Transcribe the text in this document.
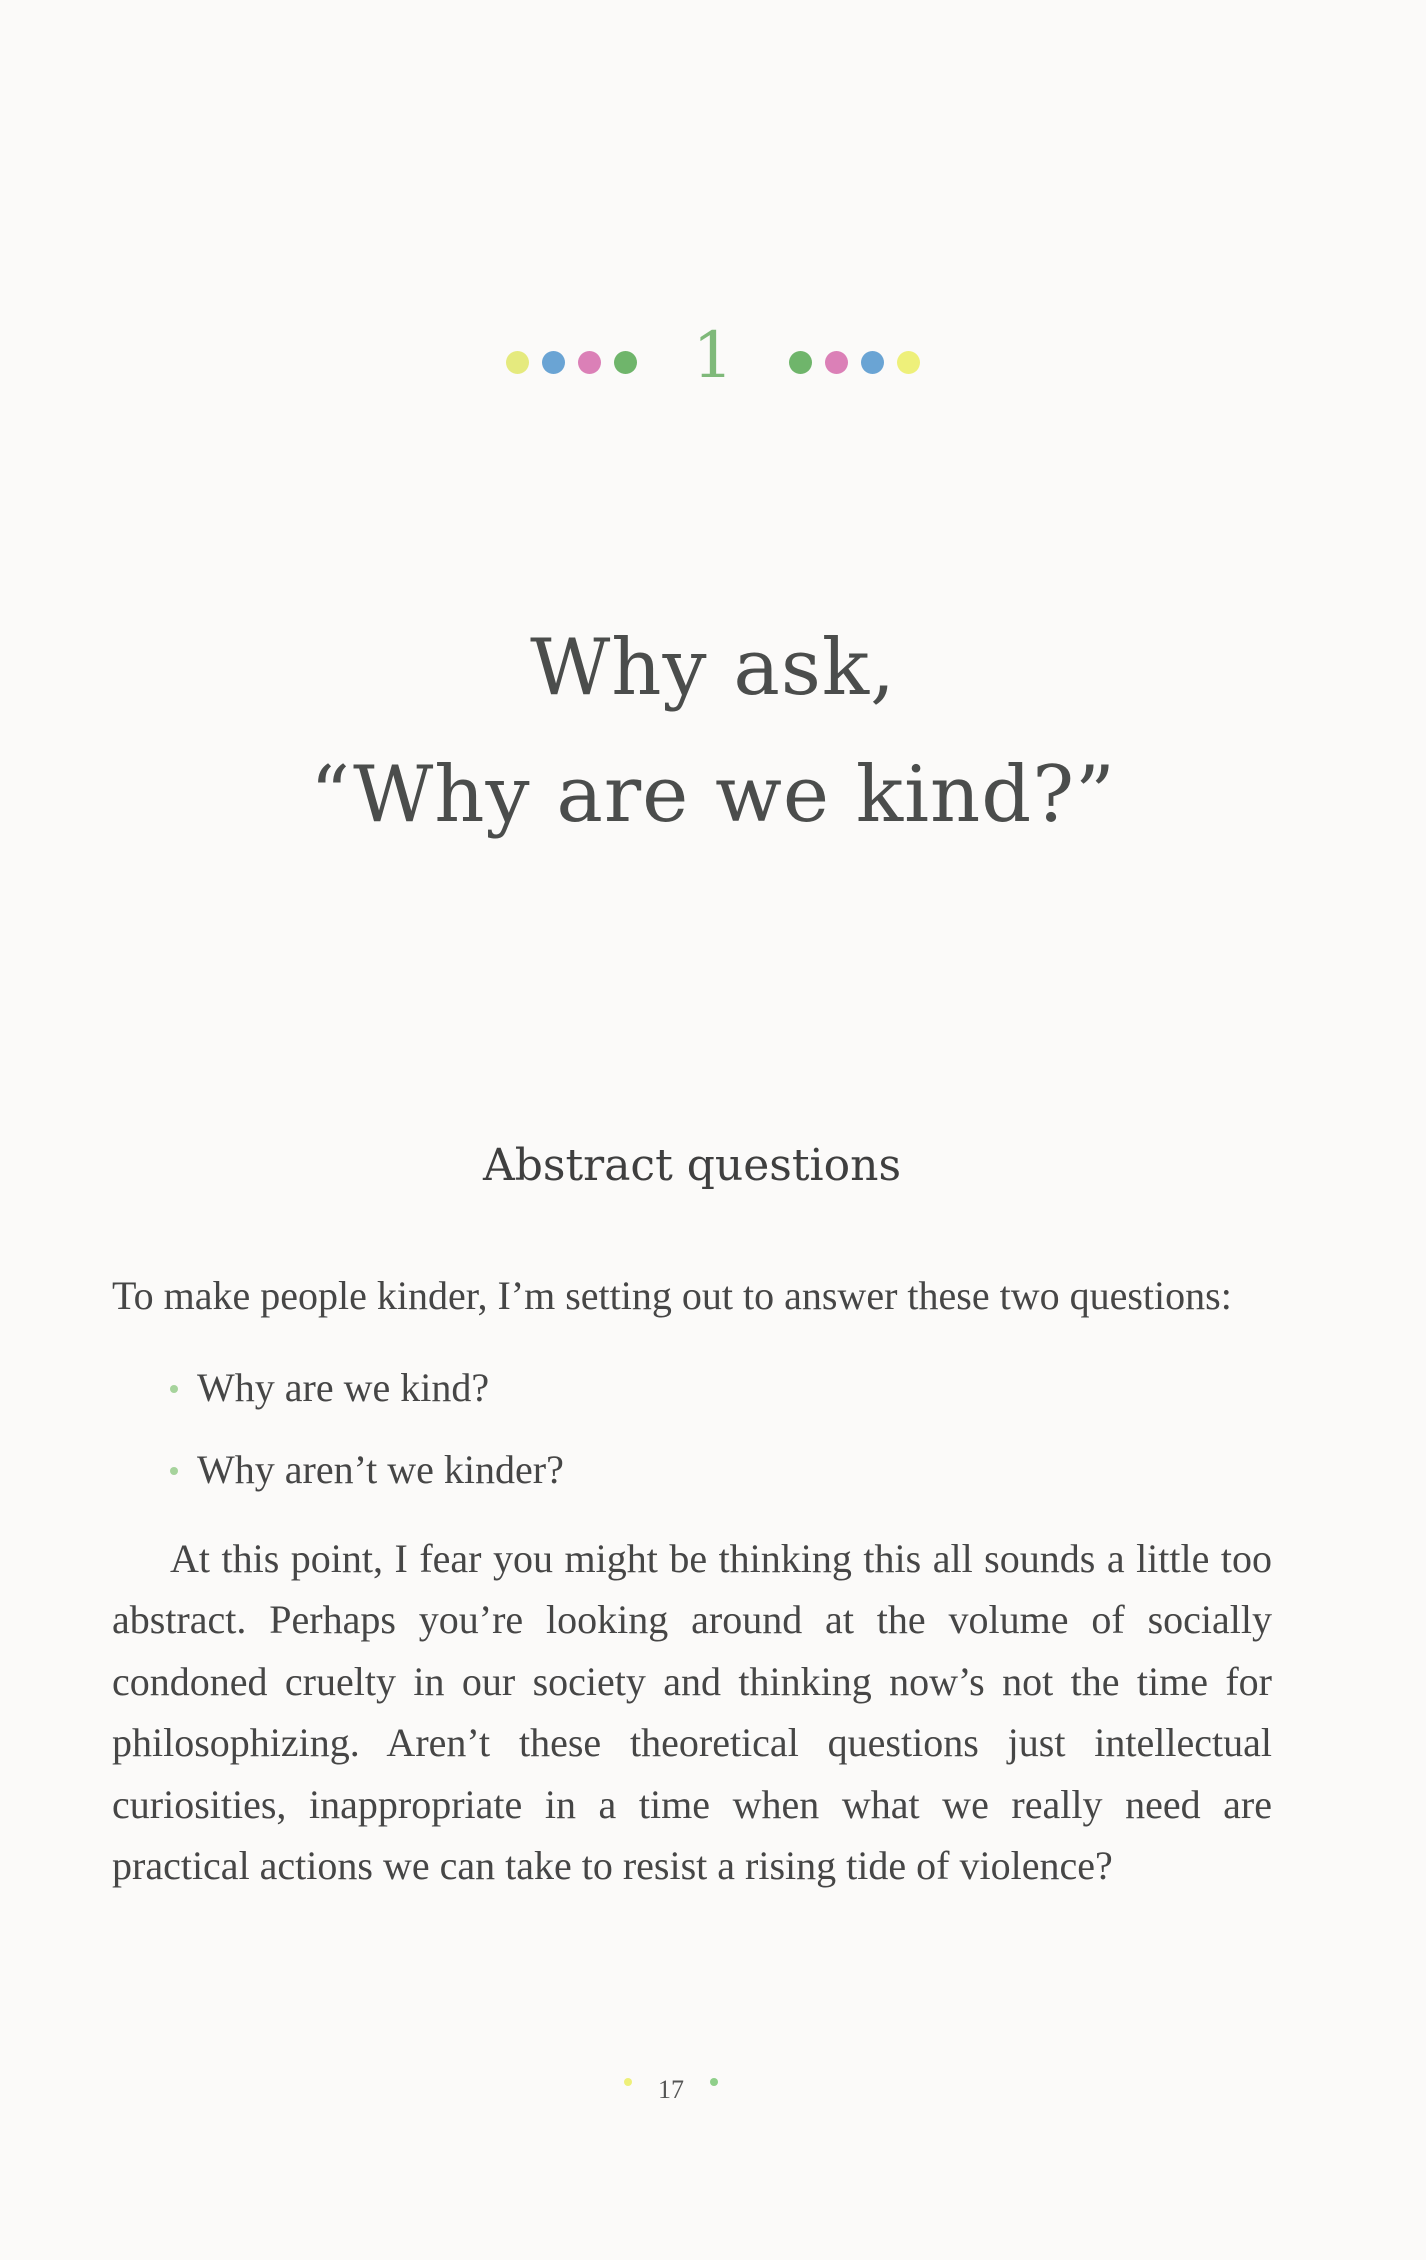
1
Why ask,
“Why are we kind?”
Abstract questions

To make people kinder, I’m setting out to answer these two questions:

Why are we kind?
Why aren’t we kinder?

At this point, I fear you might be thinking this all sounds a little too abstract. Perhaps you’re looking around at the volume of socially condoned cruelty in our society and thinking now’s not the time for philosophizing. Aren’t these theoretical questions just intellectual curiosities, inappropriate in a time when what we really need are practical actions we can take to resist a rising tide of violence?

17
